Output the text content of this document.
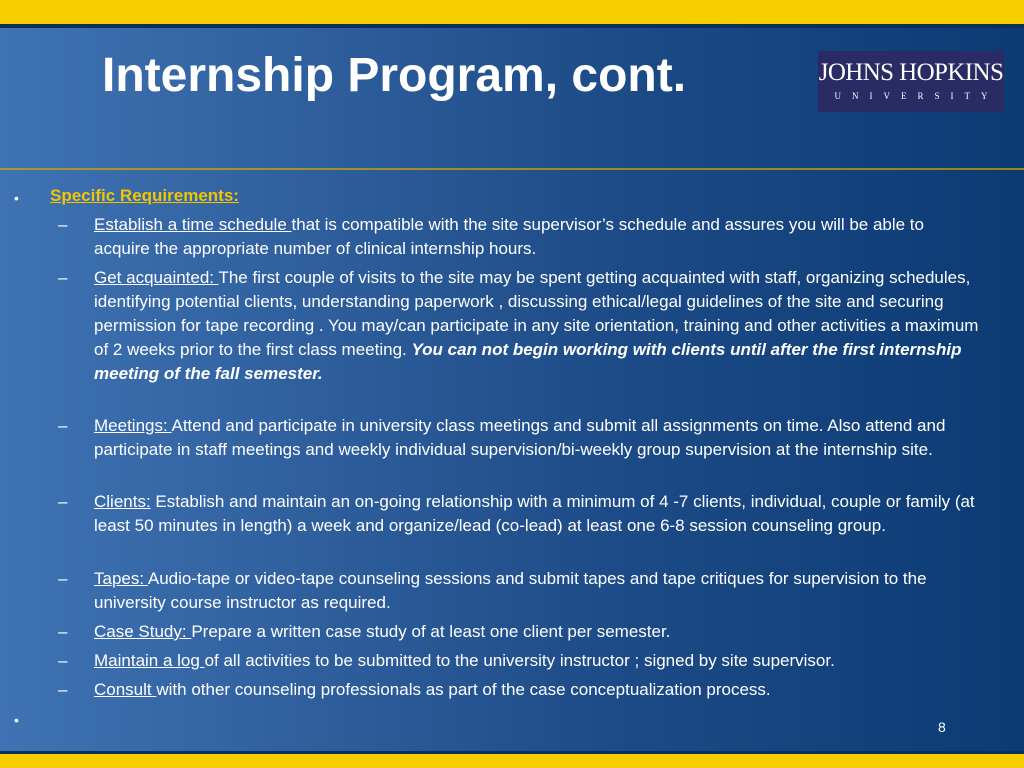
Internship Program, cont.	JOHNS HOPKINS
UNIVERSITY
• Specific Requirements:
– Establish a time schedule that is compatible with the site supervisor’s schedule and assures you will be able to acquire the appropriate number of clinical internship hours.
– Get acquainted: The first couple of visits to the site may be spent getting acquainted with staff, organizing schedules, identifying potential clients, understanding paperwork , discussing ethical/legal guidelines of the site and securing permission for tape recording . You may/can participate in any site orientation, training and other activities a maximum of 2 weeks prior to the first class meeting. You can not begin working with clients until after the first internship meeting of the fall semester.
– Meetings: Attend and participate in university class meetings and submit all assignments on time. Also attend and participate in staff meetings and weekly individual supervision/bi-weekly group supervision at the internship site.
– Clients: Establish and maintain an on-going relationship with a minimum of 4 -7 clients, individual, couple or family (at least 50 minutes in length) a week and organize/lead (co-lead) at least one 6-8 session counseling group.
– Tapes: Audio-tape or video-tape counseling sessions and submit tapes and tape critiques for supervision to the university course instructor as required.
– Case Study: Prepare a written case study of at least one client per semester.
– Maintain a log of all activities to be submitted to the university instructor ; signed by site supervisor.
– Consult with other counseling professionals as part of the case conceptualization process.
•	8
